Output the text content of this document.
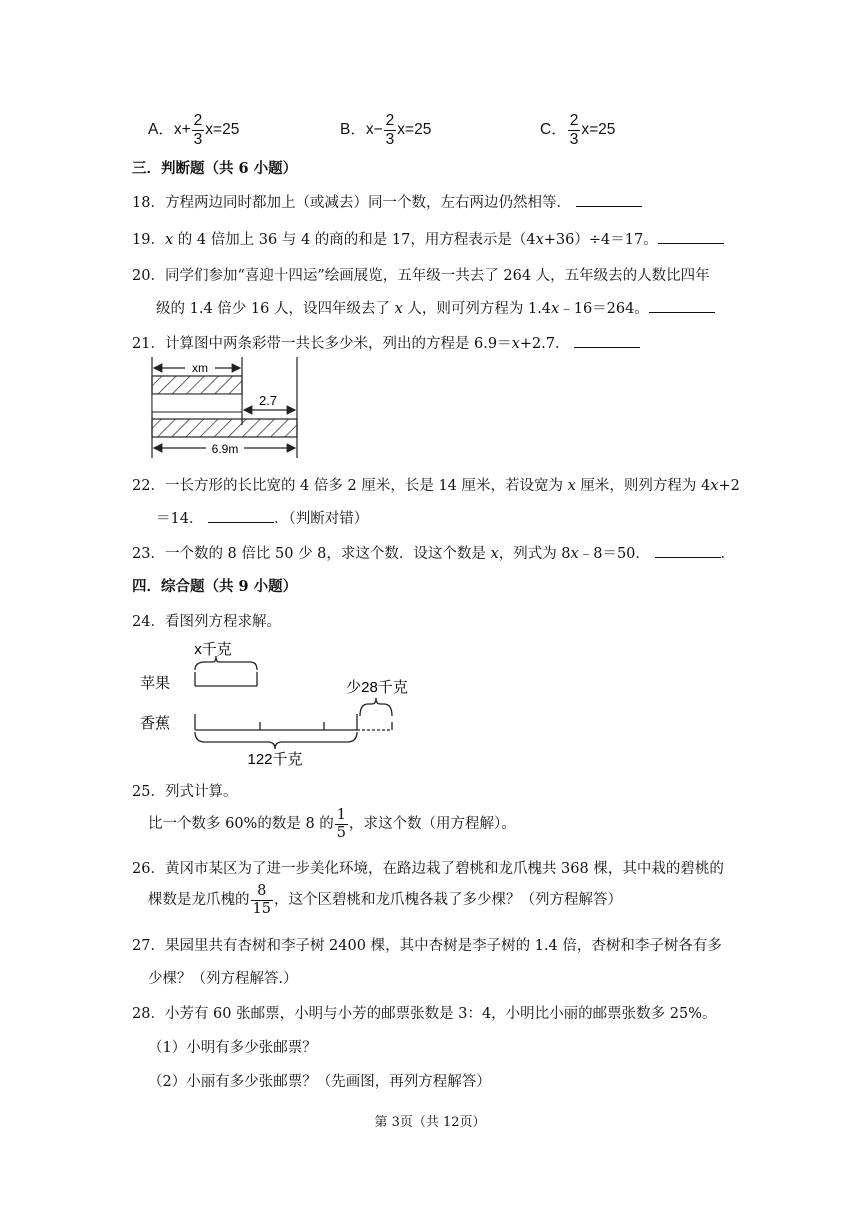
A．$x+ \frac{2}{3} x=25$	B．$x- \frac{2}{3} x=25$	C． $\frac{2}{3} x=25$
三．判断题（共 6 小题）
18．方程两边同时都加上（或减去）同一个数，左右两边仍然相等．
19．x 的 4 倍加上 36 与 4 的商的和是 17，用方程表示是（4x+36）÷4＝17。
20．同学们参加“喜迎十四运”绘画展览，五年级一共去了 264 人，五年级去的人数比四年
级的 1.4 倍少 16 人，设四年级去了 x 人，则可列方程为 1.4x﹣16＝264。
21．计算图中两条彩带一共长多少米，列出的方程是 6.9＝x+2.7．
xm
2.7
6.9m
22．一长方形的长比宽的 4 倍多 2 厘米，长是 14 厘米，若设宽为 x 厘米，则列方程为 4x+2
＝14．	．（判断对错）
23．一个数的 8 倍比 50 少 8，求这个数．设这个数是 x，列式为 8x﹣8＝50．	．
四．综合题（共 9 小题）
24．看图列方程求解。
x千克
苹果	少28千克
香蕉
122千克
25．列式计算。
比一个数多 60%的数是 8 的 $\frac{1}{5}$ ，求这个数（用方程解）。
26．黄冈市某区为了进一步美化环境，在路边栽了碧桃和龙爪槐共 368 棵，其中栽的碧桃的
棵数是龙爪槐的 $\frac{8}{15}$ ，这个区碧桃和龙爪槐各栽了多少棵？（列方程解答）
27．果园里共有杏树和李子树 2400 棵，其中杏树是李子树的 1.4 倍，杏树和李子树各有多
少棵？（列方程解答.）
28．小芳有 60 张邮票，小明与小芳的邮票张数是 3：4，小明比小丽的邮票张数多 25%。
（1）小明有多少张邮票？
（2）小丽有多少张邮票？（先画图，再列方程解答）
第 3页（共 12页）
